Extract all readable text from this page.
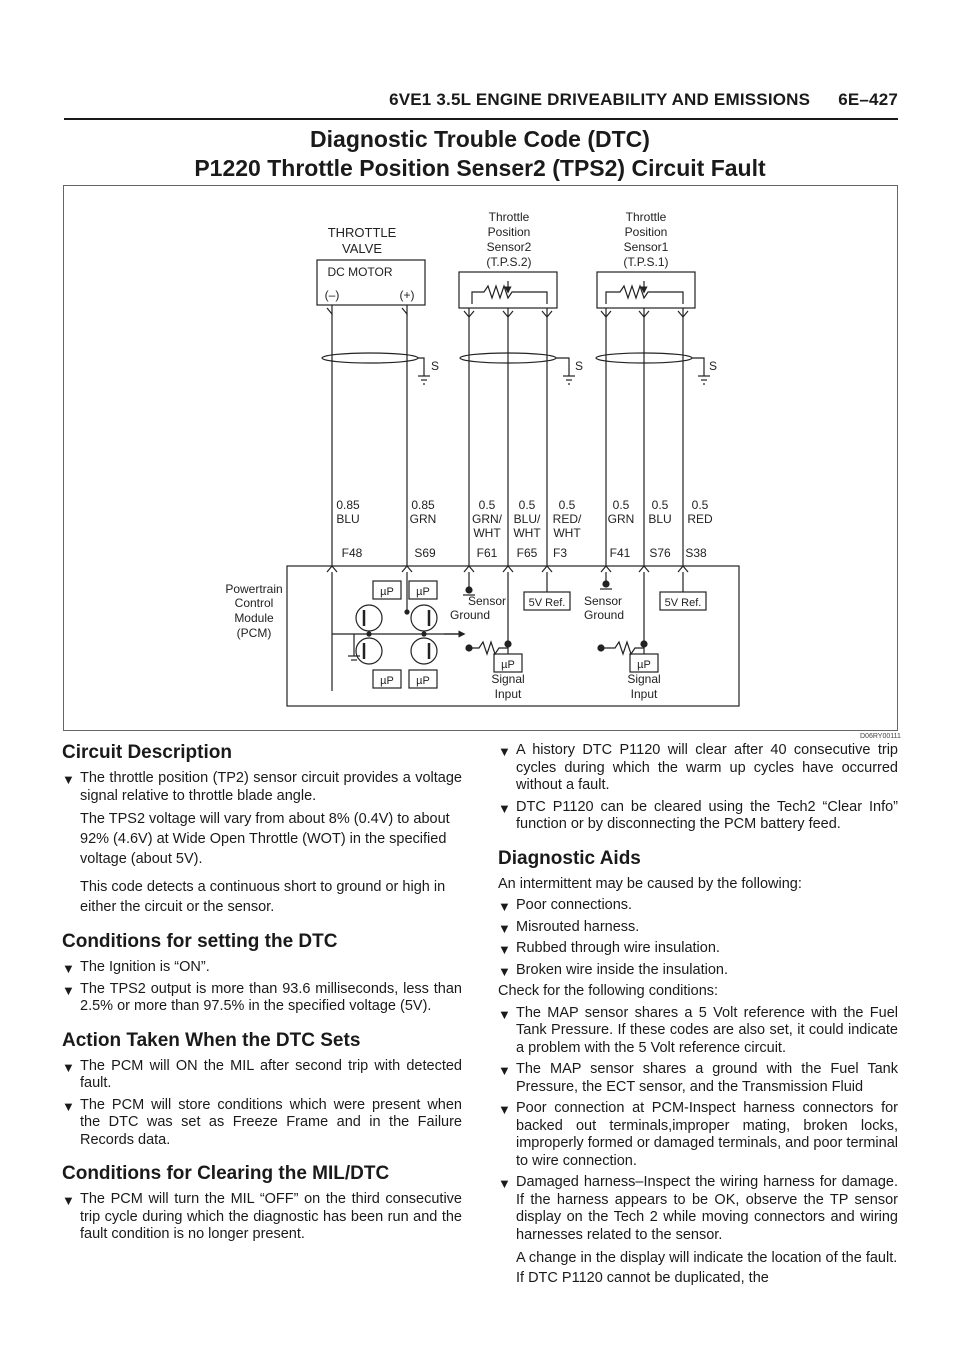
6VE1 3.5L ENGINE DRIVEABILITY AND EMISSIONS 6E–427
Diagnostic Trouble Code (DTC)
P1220 Throttle Position Senser2 (TPS2) Circuit Fault
THROTTLE
VALVE
DC MOTOR
(–)	(+)
Throttle
Position
Sensor2
(T.P.S.2)
Throttle
Position
Sensor1
(T.P.S.1)
S	S	S
0.85
BLU
0.85
GRN
0.5
GRN/
WHT
0.5
BLU/
WHT
0.5
RED/
WHT
0.5
GRN
0.5
BLU
0.5
RED
F48	S69	F61 F65 F3	F41 S76 S38
Powertrain
Control
Module
(PCM)
µP µP
µP µP
Sensor
Ground
µP
Signal
Input
5V Ref. Sensor
Ground
µP
Signal
Input
5V Ref.
D06RY00111
Circuit Description

▼ The throttle position (TP2) sensor circuit provides a voltage signal relative to throttle blade angle.

The TPS2 voltage will vary from about 8% (0.4V) to about 92% (4.6V) at Wide Open Throttle (WOT) in the specified voltage (about 5V).

This code detects a continuous short to ground or high in either the circuit or the sensor.

Conditions for setting the DTC

▼ The Ignition is “ON”.

▼ The TPS2 output is more than 93.6 milliseconds, less than 2.5% or more than 97.5% in the specified voltage (5V).

Action Taken When the DTC Sets

▼ The PCM will ON the MIL after second trip with detected fault.

▼ The PCM will store conditions which were present when the DTC was set as Freeze Frame and in the Failure Records data.

Conditions for Clearing the MIL/DTC

▼ The PCM will turn the MIL “OFF” on the third consecutive trip cycle during which the diagnostic has been run and the fault condition is no longer present.

▼ A history DTC P1120 will clear after 40 consecutive trip cycles during which the warm up cycles have occurred without a fault.

▼ DTC P1120 can be cleared using the Tech2 “Clear Info” function or by disconnecting the PCM battery feed.

Diagnostic Aids

An intermittent may be caused by the following:

▼ Poor connections.

▼ Misrouted harness.

▼ Rubbed through wire insulation.

▼ Broken wire inside the insulation.

Check for the following conditions:

▼ The MAP sensor shares a 5 Volt reference with the Fuel Tank Pressure. If these codes are also set, it could indicate a problem with the 5 Volt reference circuit.

▼ The MAP sensor shares a ground with the Fuel Tank Pressure, the ECT sensor, and the Transmission Fluid

▼ Poor connection at PCM-Inspect harness connectors for backed out terminals,improper mating, broken locks, improperly formed or damaged terminals, and poor terminal to wire connection.

▼ Damaged harness–Inspect the wiring harness for damage. If the harness appears to be OK, observe the TP sensor display on the Tech 2 while moving connectors and wiring harnesses related to the sensor.

A change in the display will indicate the location of the fault. If DTC P1120 cannot be duplicated, the
